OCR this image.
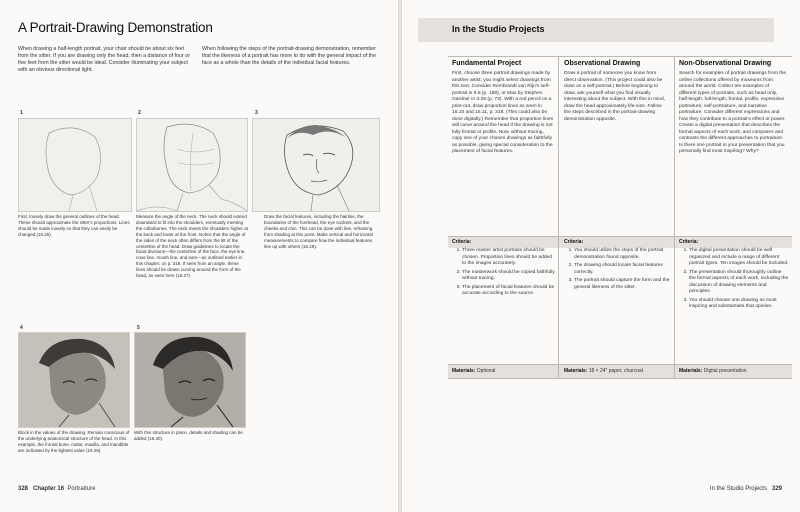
A Portrait-Drawing Demonstration
When drawing a half-length portrait, your chair should be about six feet from the sitter. If you are drawing only the head, then a distance of four or five feet from the sitter would be ideal. Consider illuminating your subject with an obvious directional light.
When following the steps of the portrait-drawing demonstration, remember that the likeness of a portrait has more to do with the general impact of the face as a whole than the details of the individual facial features.
1
First, loosely draw the general outlines of the head. These should approximate the sitter's proportions. Lines should be made loosely so that they can easily be changed (16.26).
2
Measure the angle of the neck. The neck should extend downward to fit into the shoulders, eventually meeting the collarbones. The neck meets the shoulders higher at the back and lower at the front. Notice that the angle of the sides of the neck often differs from the tilt of the centerline of the head. Draw guidelines to locate the facial divisions—the centerline of the face, the eye line, nose line, mouth line, and ears—as outlined earlier in this chapter, on p. 318. If seen from an angle, these lines should be drawn curving around the form of the head, as seen here (16.27).
3
Draw the facial features, including the hairline, the boundaries of the forehead, the eye sockets, and the cheeks and chin. This can be done with line, refraining from shading at this point. Make vertical and horizontal measurements to compare how the individual features line up with others (16.28).
4
Block in the values of the drawing. Remain conscious of the underlying anatomical structure of the head. In this example, the frontal bone, malar, maxilla, and mandible are indicated by the lightest value (16.29).
5
With this structure in place, details and shading can be added (16.30).
328 Chapter 16 Portraiture
In the Studio Projects
Fundamental Project
First, choose three portrait drawings made by another artist; you might select drawings from this text. Consider Rembrandt van Rijn's self-portrait in 9.8 (p. 188), or Max by Stephen Gardner in 3.28 (p. 73). With a red pencil on a print-out, draw proportion lines as seen in 16.10 and 16.11, p. 318. (This could also be done digitally.) Remember that proportion lines will curve around the head if the drawing is not fully frontal or profile. Now, without tracing, copy one of your chosen drawings as faithfully as possible, giving special consideration to the placement of facial features.
Criteria:
1. Three master artist portraits should be chosen. Proportion lines should be added to the images accurately.
2. The masterwork should be copied faithfully without tracing.
3. The placement of facial features should be accurate according to the source.
Materials: Optional
Observational Drawing
Draw a portrait of someone you know from direct observation. (This project could also be done as a self-portrait.) Before beginning to draw, ask yourself what you find visually interesting about the subject. With this in mind, draw the head approximately life-size. Follow the steps described in the portrait-drawing demonstration opposite.
Criteria:
1. You should utilize the steps of the portrait demonstration found opposite.
2. The drawing should locate facial features correctly.
3. The portrait should capture the form and the general likeness of the sitter.
Materials: 18 × 24" paper, charcoal
Non-Observational Drawing
Search for examples of portrait drawings from the online collections offered by museums from around the world. Collect ten examples of different types of portraits, such as head only, half-length, full-length, frontal, profile, expressive portraiture, self-portraiture, and narrative portraiture. Consider different expressions and how they contribute to a portrait's effect or power. Create a digital presentation that describes the formal aspects of each work, and compares and contrasts the different approaches to portraiture. Is there one portrait in your presentation that you personally find most inspiring? Why?
Criteria:
1. The digital presentation should be well organized and include a range of different portrait types. Ten images should be included.
2. The presentation should thoroughly outline the formal aspects of each work, including the discussion of drawing elements and principles.
3. You should choose one drawing as most inspiring and substantiate that opinion.
Materials: Digital presentation
In the Studio Projects 329
